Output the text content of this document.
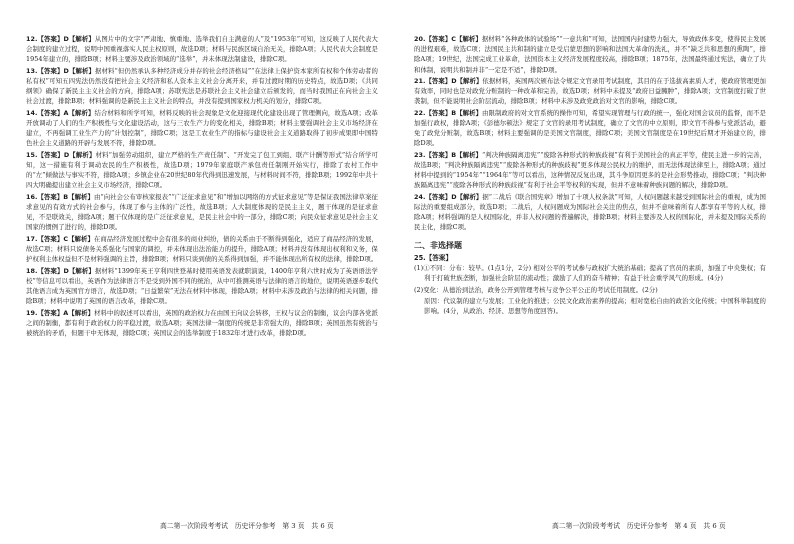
12.【答案】D【解析】从图片中的文字“严肃地、慎重地、选举我们自主满意的人”及“1953年”可知，这反映了人民代表大会制度的建立过程，说明中国重视落实人民主权原则，故选D项；材料与民族区域自治无关，排除A项；人民代表大会制度是1954年建立的，排除B项；材料主要涉及政治领域的“选举”，并未体现法制建设，排除C项。

13.【答案】D【解析】据材料“但仍然承认多种经济成分并存的社会经济格局”“在法律上保护资本家所有权和个体劳动者的私有权”可知五四宪法仍然没有把社会主义经济和私人资本主义社会分离开来，并有过渡时期的历史特点，故选D项；《共同纲领》确保了新民主主义社会的方向，排除A项；苏联宪法是苏联社会主义社会建立后颁发的，而当时我国正在向社会主义社会过渡，排除B项；材料强调的是新民主主义社会的特点，并没有提到国家权力机关的划分，排除C项。

14.【答案】A【解析】结合材料和所学可知，材料反映的社会现象是文化迎接现代化建设出现了管理侧向，故选A项；改革开放调动了人们的生产积极性与文化建设活动，这与三农生产力的变化相关，排除B项；材料主要强调社会主义市场经济在建立，不再强调工业生产力的“计划控制”，排除C项；这是工农业生产的指标与建设社会主义道路取得了初步成果即中国特色社会主义道路的开辟与发展不符，排除D项。

15.【答案】D【解析】材料“加强劳动组织，建立严格的生产责任制”、“开发完了包工到组、联产计酬等形式”结合所学可知，这一措施有利于调动农民的生产积极性，故选D项；1979年家庭联产承包责任制刚开始实行，排除了农村工作中的“左”倾做法与事实不符，排除A项；乡镇企业在20世纪80年代得到迅速发展，与材料时间不符，排除B项；1992年中共十四大明确提出建立社会主义市场经济，排除C项。

16.【答案】B【解析】由“向社会公布审核家报表”“广泛征求意见”和“增加以网络的方式征求意见”等是保证我国法律草案征求意见的有效方式的社会参与，体现了参与主体的广泛性，故选B项；人大制度体现的是民主主义，题干体现的是征求意见，不是联效关，排除A项；题干仅体现的是广泛征求意见，是民主社会中的一部分，排除C项；向民众征求意见是社会主义国家的惯例了进行的，排除D项。

17.【答案】C【解析】在商品经济发展过程中会有很多的商业纠纷，债的关系由于不断得到强化，适应了商品经济的发展，故选C项；材料只说债务关系强化与国家的调控，并未体现出法治能力的提升，排除A项；材料并没有体现出权利和义务，保护权利主体权益但不是材料强调的主旨，排除B项；材料只谈到债的关系得到加强，并不能体现出所有权的法律，排除D项。

18.【答案】D【解析】据材料“1399年英王亨利四世登基时使用英语发表就职演说，1400年亨利六世时成为了英语语法学校”等信息可以看出，英语作为法律语言不是受到外国不同的统治，从中可推测英语与法律的语言的地位，说明英语逐步取代其他语言成为英国官方语言，故选D项；“日益繁荣”无法在材料中体现，排除A项；材料中未涉及政治与法律的相关问题，排除B项；材料中说明了英国的语言改革，排除C项。

19.【答案】A【解析】材料中的叙述可以看出，英国的政治权力在由国王向议会转移，王权与议会的制衡，议会内部各党派之间的制衡，都有利于政治权力的平稳过渡，故选A项；英国法律一制度的传统是非常强大的，排除B项；英国虽然有统治与被统治的矛盾，但题干中无体现，排除C项；英国议会的选举制度于1832年才进行改革，排除D项。

20.【答案】C【解析】据材料“各种政体的试验场”“一意共和”可知，法国国内封建势力强大，导致政体多变，使得民主发展的进程艰难，故选C项；法国民主共和制的建立是受启蒙思想的影响和法国大革命的洗礼，并不“缺乏共和思想的熏陶”，排除A项；19世纪，法国完成工业革命，法国资本主义经济发展程度较高，排除B项；1875年，法国最终通过宪法，确立了共和体制，说明共和制并非“一定是不适”，排除D项。

21.【答案】D【解析】依据材料，英国两次颁布法令规定文官录用考试制度，其目的在于选拔高素质人才，使政府管理更加有效率，同时也是对政党分赃制的一种改革和完善，故选D项；材料中未提及“政府日益臃肿”，排除A项；文官制度打破了世袭制，但不能说明社会阶层流动，排除B项；材料中未涉及政党政治对文官的影响，排除C项。

22.【答案】B【解析】由限制政府的对文官系统的操作可知，希望实现管理与行政的统一，强化对国会议员的监督，而不是加强行政权，排除A项；《彭德尔顿法》规定了文官的录用考试制度，确立了文官的中立原则，即文官不得参与党派活动，避免了政党分赃制，故选B项；材料主要强调的是美国文官制度，排除C项；美国文官制度是在19世纪后期才开始建立的，排除D项。

23.【答案】B【解析】“判决种族隔离违宪”“废除各种形式的种族歧视”有利于美国社会的真正平等，使民主进一步的完善，故选B项；“判决种族隔离违宪”“废除各种形式的种族歧视”更多体现公民权力的维护，而无法体现法律至上，排除A项；通过材料中提到的“1954年”“1964年”等可以看出，这种情况反复出现，其斗争原因更多的是社会形势推动，排除C项；“判决种族隔离违宪”“废除各种形式的种族歧视”有利于社会平等权利的实现，但并不意味着种族问题的解决，排除D项。

24.【答案】D【解析】据“二战后《联合国宪章》增加了十项人权条款”可知，人权问题越来越受到国际社会的重视，成为国际法的重要组成部分，故选D项；二战后，人权问题成为国际社会关注的焦点，但并不意味着所有人都享有平等的人权，排除A项；材料强调的是人权国际化，并非人权问题的普遍解决，排除B项；材料主要涉及人权的国际化，并未提及国际关系的民主化，排除C项。

二、非选择题
25.【答案】

(1)①不同：分布：较早。(1点1分，2分) 相对公平的考试参与政权扩大统治基础；提高了官员的素质，加强了中央集权；有利于打破世族垄断，加强社会阶层的流动性；激励了人们的奋斗精神；有益于社会重学风气的形成。(4分)

(2)变化：从德治到法治，政务公开到管理考核与竞争公平公正的考试任用制度。(2分)

原因：代议制的建立与发展；工业化的推进；公民文化政治素养的提高；相对宽松自由的政治文化传统；中国科举制度的影响。(4分，从政治、经济、思想等角度回答)。

高二第一次阶段考考试　历史评分参考　第 3 页　共 6 页	高二第一次阶段考考试　历史评分参考　第 4 页　共 6 页
